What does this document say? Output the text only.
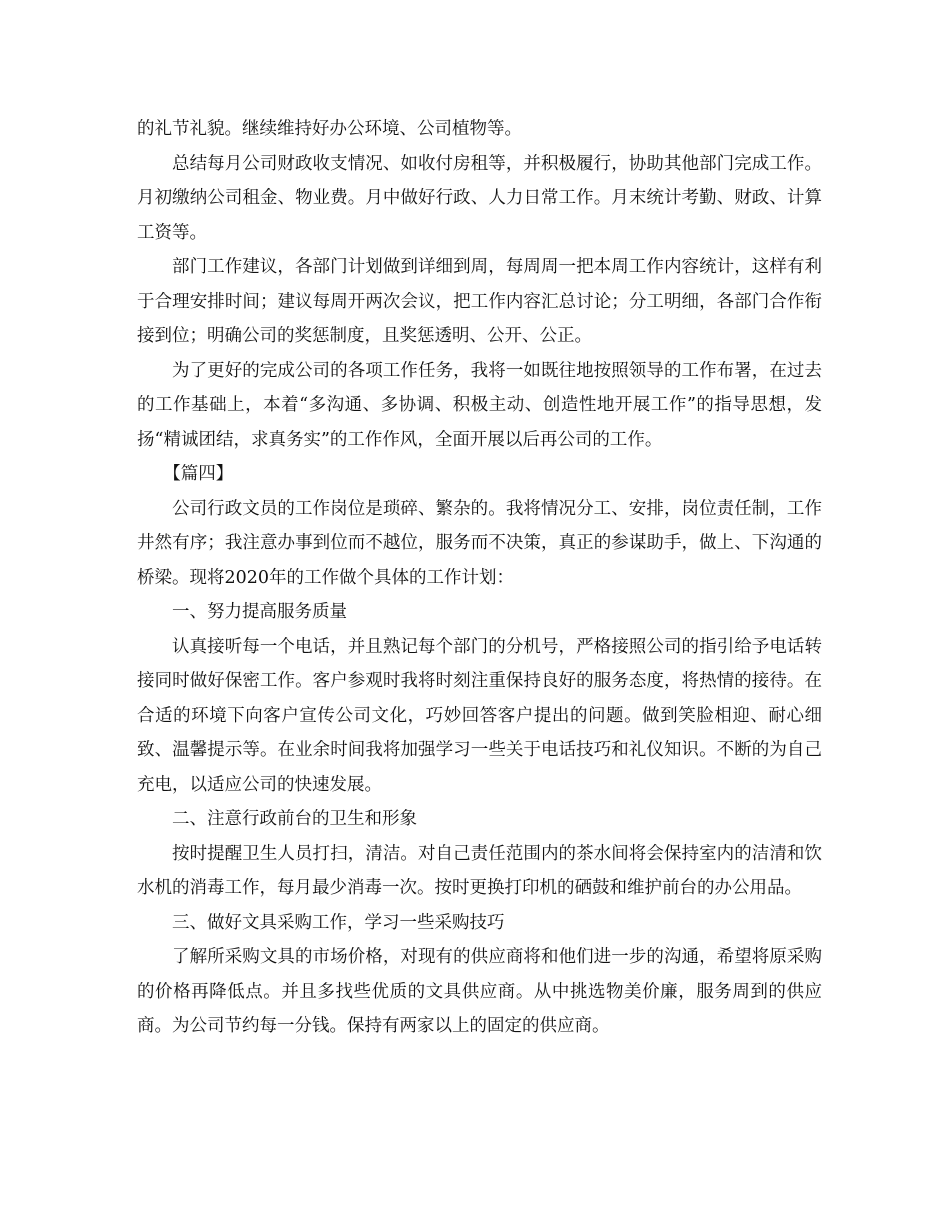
的礼节礼貌。继续维持好办公环境、公司植物等。

总结每月公司财政收支情况、如收付房租等，并积极履行，协助其他部门完成工作。月初缴纳公司租金、物业费。月中做好行政、人力日常工作。月末统计考勤、财政、计算工资等。

部门工作建议，各部门计划做到详细到周，每周周一把本周工作内容统计，这样有利于合理安排时间；建议每周开两次会议，把工作内容汇总讨论；分工明细，各部门合作衔接到位；明确公司的奖惩制度，且奖惩透明、公开、公正。

为了更好的完成公司的各项工作任务，我将一如既往地按照领导的工作布署，在过去的工作基础上，本着“多沟通、多协调、积极主动、创造性地开展工作”的指导思想，发扬“精诚团结，求真务实”的工作作风，全面开展以后再公司的工作。

【篇四】

公司行政文员的工作岗位是琐碎、繁杂的。我将情况分工、安排，岗位责任制，工作井然有序；我注意办事到位而不越位，服务而不决策，真正的参谋助手，做上、下沟通的桥梁。现将2020年的工作做个具体的工作计划：

一、努力提高服务质量

认真接听每一个电话，并且熟记每个部门的分机号，严格接照公司的指引给予电话转接同时做好保密工作。客户参观时我将时刻注重保持良好的服务态度，将热情的接待。在合适的环境下向客户宣传公司文化，巧妙回答客户提出的问题。做到笑脸相迎、耐心细致、温馨提示等。在业余时间我将加强学习一些关于电话技巧和礼仪知识。不断的为自己充电，以适应公司的快速发展。

二、注意行政前台的卫生和形象

按时提醒卫生人员打扫，清洁。对自己责任范围内的茶水间将会保持室内的洁清和饮水机的消毒工作，每月最少消毒一次。按时更换打印机的硒鼓和维护前台的办公用品。

三、做好文具采购工作，学习一些采购技巧

了解所采购文具的市场价格，对现有的供应商将和他们进一步的沟通，希望将原采购的价格再降低点。并且多找些优质的文具供应商。从中挑选物美价廉，服务周到的供应商。为公司节约每一分钱。保持有两家以上的固定的供应商。
